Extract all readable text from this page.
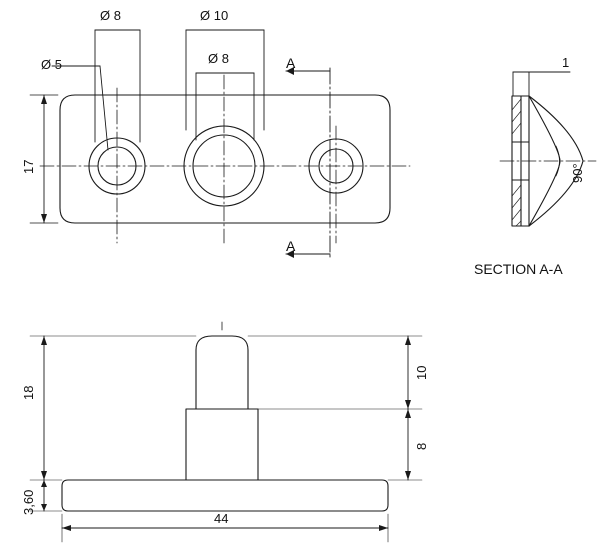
Ø 5
Ø 8	Ø 10
Ø 8	A
A
17
1
90°
SECTION A-A
18
3,60
10
8
44
